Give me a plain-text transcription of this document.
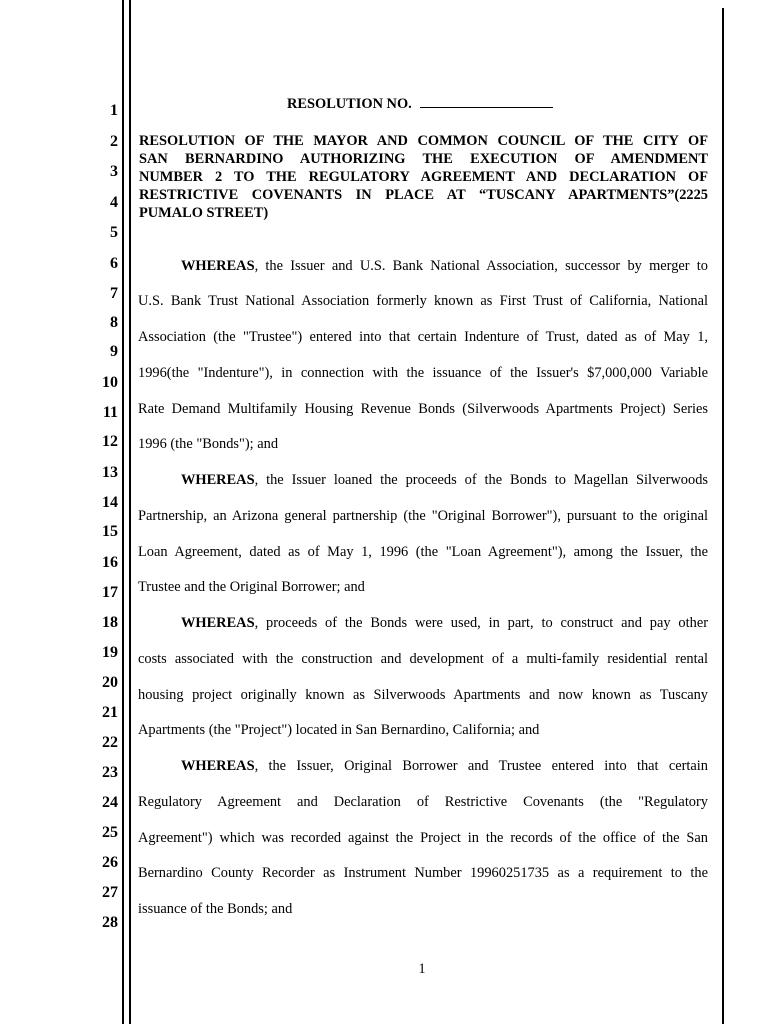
1
2
3
4
5
6
7
8
9
10
11
12
13
14
15
16
17
18
19
20
21
22
23
24
25
26
27
28
RESOLUTION NO.
RESOLUTION OF THE MAYOR AND COMMON COUNCIL OF THE CITY OF
SAN BERNARDINO AUTHORIZING THE EXECUTION OF AMENDMENT
NUMBER 2 TO THE REGULATORY AGREEMENT AND DECLARATION OF
RESTRICTIVE COVENANTS IN PLACE AT “TUSCANY APARTMENTS”(2225
PUMALO STREET)
WHEREAS, the Issuer and U.S. Bank National Association, successor by merger to
U.S. Bank Trust National Association formerly known as First Trust of California, National
Association (the "Trustee") entered into that certain Indenture of Trust, dated as of May 1,
1996(the "Indenture"), in connection with the issuance of the Issuer's $7,000,000 Variable
Rate Demand Multifamily Housing Revenue Bonds (Silverwoods Apartments Project) Series
1996 (the "Bonds"); and
WHEREAS, the Issuer loaned the proceeds of the Bonds to Magellan Silverwoods
Partnership, an Arizona general partnership (the "Original Borrower"), pursuant to the original
Loan Agreement, dated as of May 1, 1996 (the "Loan Agreement"), among the Issuer, the
Trustee and the Original Borrower; and
WHEREAS, proceeds of the Bonds were used, in part, to construct and pay other
costs associated with the construction and development of a multi-family residential rental
housing project originally known as Silverwoods Apartments and now known as Tuscany
Apartments (the "Project") located in San Bernardino, California; and
WHEREAS, the Issuer, Original Borrower and Trustee entered into that certain
Regulatory Agreement and Declaration of Restrictive Covenants (the "Regulatory
Agreement") which was recorded against the Project in the records of the office of the San
Bernardino County Recorder as Instrument Number 19960251735 as a requirement to the
issuance of the Bonds; and
1
